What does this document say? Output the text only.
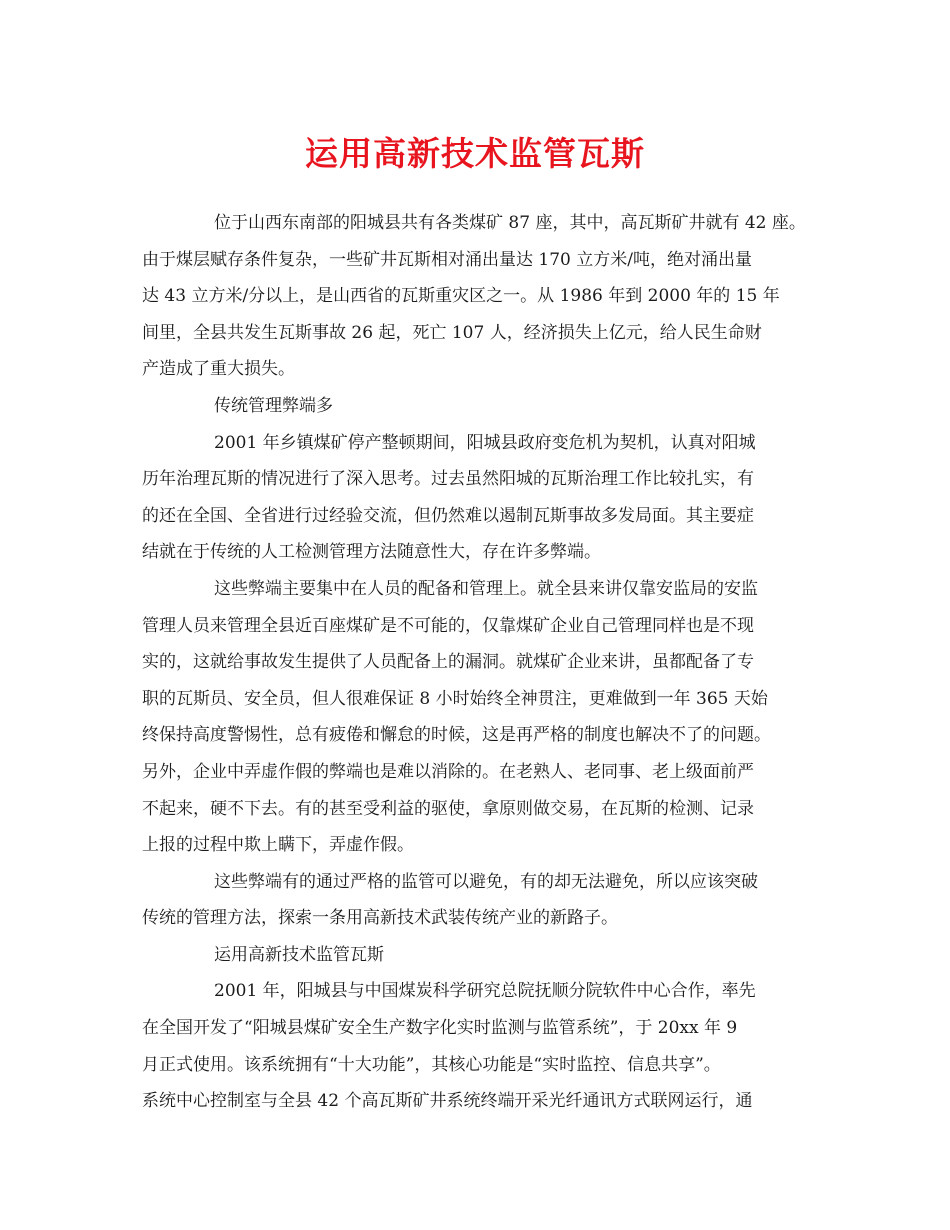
运用高新技术监管瓦斯
位于山西东南部的阳城县共有各类煤矿 87 座，其中，高瓦斯矿井就有 42 座。
由于煤层赋存条件复杂，一些矿井瓦斯相对涌出量达 170 立方米/吨，绝对涌出量
达 43 立方米/分以上，是山西省的瓦斯重灾区之一。从 1986 年到 2000 年的 15 年
间里，全县共发生瓦斯事故 26 起，死亡 107 人，经济损失上亿元，给人民生命财
产造成了重大损失。
传统管理弊端多
2001 年乡镇煤矿停产整顿期间，阳城县政府变危机为契机，认真对阳城
历年治理瓦斯的情况进行了深入思考。过去虽然阳城的瓦斯治理工作比较扎实，有
的还在全国、全省进行过经验交流，但仍然难以遏制瓦斯事故多发局面。其主要症
结就在于传统的人工检测管理方法随意性大，存在许多弊端。
这些弊端主要集中在人员的配备和管理上。就全县来讲仅靠安监局的安监
管理人员来管理全县近百座煤矿是不可能的，仅靠煤矿企业自己管理同样也是不现
实的，这就给事故发生提供了人员配备上的漏洞。就煤矿企业来讲，虽都配备了专
职的瓦斯员、安全员，但人很难保证 8 小时始终全神贯注，更难做到一年 365 天始
终保持高度警惕性，总有疲倦和懈怠的时候，这是再严格的制度也解决不了的问题。
另外，企业中弄虚作假的弊端也是难以消除的。在老熟人、老同事、老上级面前严
不起来，硬不下去。有的甚至受利益的驱使，拿原则做交易，在瓦斯的检测、记录
上报的过程中欺上瞒下，弄虚作假。
这些弊端有的通过严格的监管可以避免，有的却无法避免，所以应该突破
传统的管理方法，探索一条用高新技术武装传统产业的新路子。
运用高新技术监管瓦斯
2001 年，阳城县与中国煤炭科学研究总院抚顺分院软件中心合作，率先
在全国开发了“阳城县煤矿安全生产数字化实时监测与监管系统”，于 20xx 年 9
月正式使用。该系统拥有“十大功能”，其核心功能是“实时监控、信息共享”。
系统中心控制室与全县 42 个高瓦斯矿井系统终端开采光纤通讯方式联网运行，通
